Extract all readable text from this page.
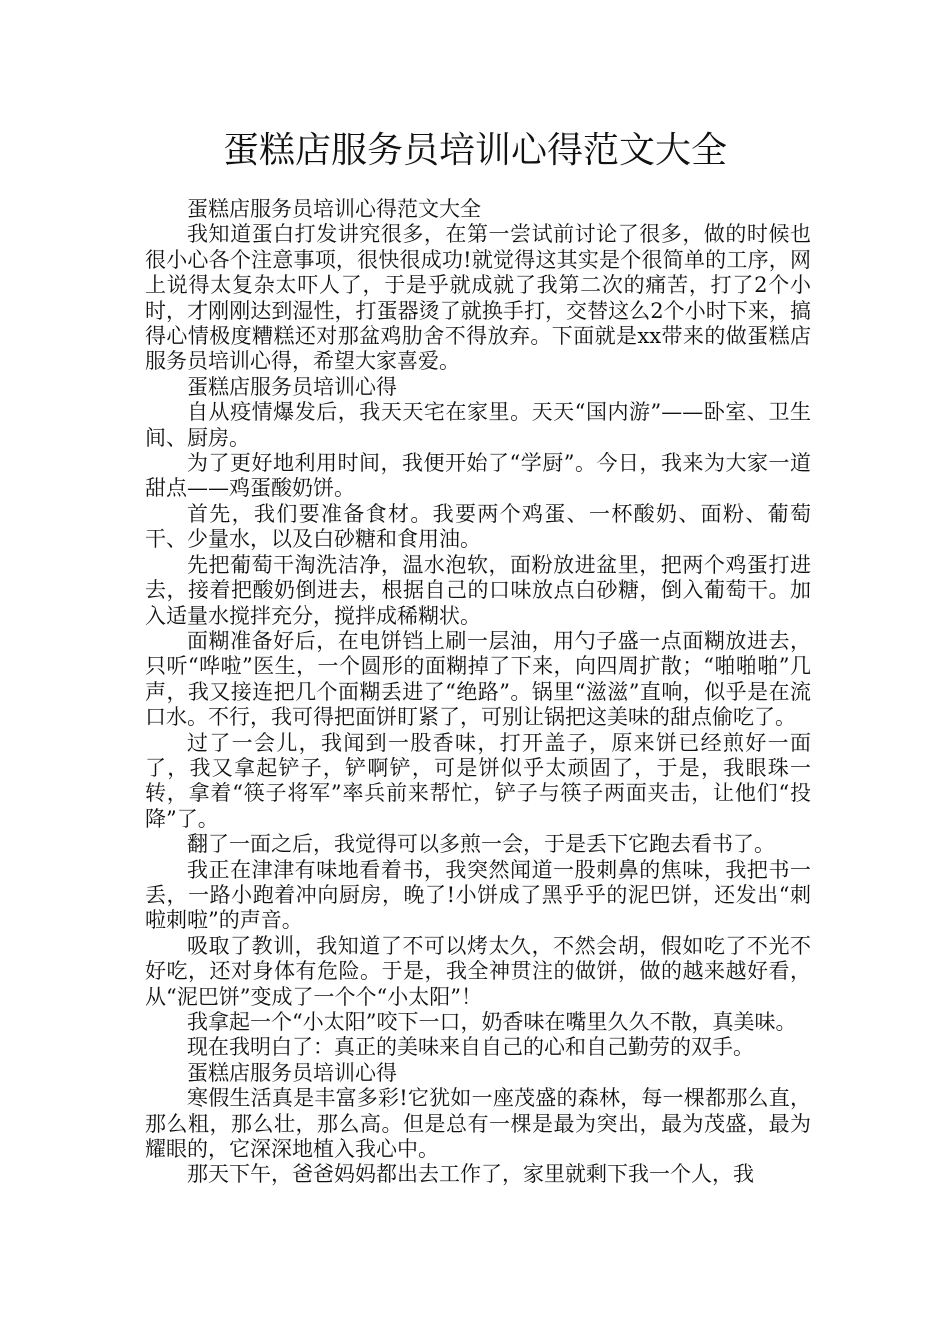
蛋糕店服务员培训心得范文大全

蛋糕店服务员培训心得范文大全

我知道蛋白打发讲究很多，在第一尝试前讨论了很多，做的时候也很小心各个注意事项，很快很成功!就觉得这其实是个很简单的工序，网上说得太复杂太吓人了，于是乎就成就了我第二次的痛苦，打了2个小时，才刚刚达到湿性，打蛋器烫了就换手打，交替这么2个小时下来，搞得心情极度糟糕还对那盆鸡肋舍不得放弃。下面就是xx带来的做蛋糕店服务员培训心得，希望大家喜爱。

蛋糕店服务员培训心得

自从疫情爆发后，我天天宅在家里。天天“国内游”——卧室、卫生间、厨房。

为了更好地利用时间，我便开始了“学厨”。今日，我来为大家一道甜点——鸡蛋酸奶饼。

首先，我们要准备食材。我要两个鸡蛋、一杯酸奶、面粉、葡萄干、少量水，以及白砂糖和食用油。

先把葡萄干淘洗洁净，温水泡软，面粉放进盆里，把两个鸡蛋打进去，接着把酸奶倒进去，根据自己的口味放点白砂糖，倒入葡萄干。加入适量水搅拌充分，搅拌成稀糊状。

面糊准备好后，在电饼铛上刷一层油，用勺子盛一点面糊放进去，只听“哗啦”医生，一个圆形的面糊掉了下来，向四周扩散；“啪啪啪”几声，我又接连把几个面糊丢进了“绝路”。锅里“滋滋”直响，似乎是在流口水。不行，我可得把面饼盯紧了，可别让锅把这美味的甜点偷吃了。

过了一会儿，我闻到一股香味，打开盖子，原来饼已经煎好一面了，我又拿起铲子，铲啊铲，可是饼似乎太顽固了，于是，我眼珠一转，拿着“筷子将军”率兵前来帮忙，铲子与筷子两面夹击，让他们“投降”了。

翻了一面之后，我觉得可以多煎一会，于是丢下它跑去看书了。

我正在津津有味地看着书，我突然闻道一股刺鼻的焦味，我把书一丢，一路小跑着冲向厨房，晚了!小饼成了黑乎乎的泥巴饼，还发出“刺啦刺啦”的声音。

吸取了教训，我知道了不可以烤太久，不然会胡，假如吃了不光不好吃，还对身体有危险。于是，我全神贯注的做饼，做的越来越好看，从“泥巴饼”变成了一个个“小太阳”！

我拿起一个“小太阳”咬下一口，奶香味在嘴里久久不散，真美味。

现在我明白了：真正的美味来自自己的心和自己勤劳的双手。

蛋糕店服务员培训心得

寒假生活真是丰富多彩!它犹如一座茂盛的森林，每一棵都那么直，那么粗，那么壮，那么高。但是总有一棵是最为突出，最为茂盛，最为耀眼的，它深深地植入我心中。

那天下午，爸爸妈妈都出去工作了，家里就剩下我一个人，我
